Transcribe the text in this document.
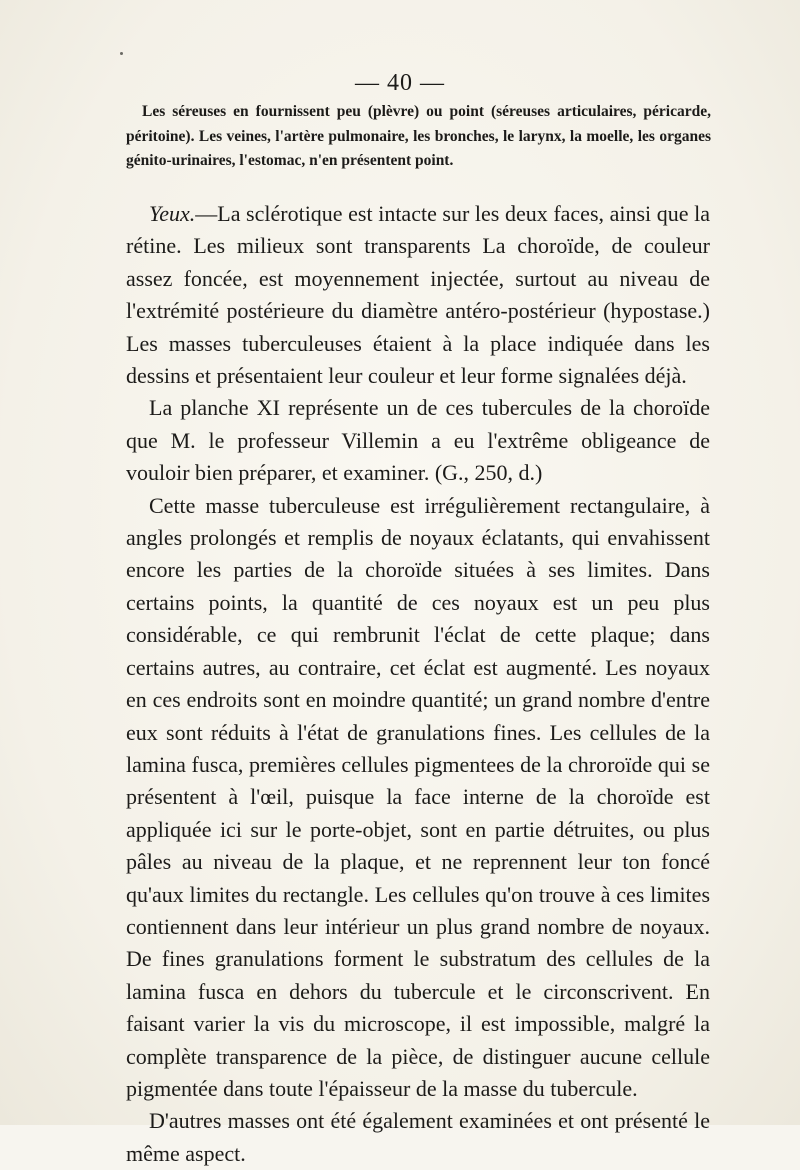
— 40 —

Les séreuses en fournissent peu (plèvre) ou point (séreuses articulaires, péricarde, péritoine). Les veines, l'artère pulmonaire, les bronches, le larynx, la moelle, les organes génito-urinaires, l'estomac, n'en présentent point.

Yeux.—La sclérotique est intacte sur les deux faces, ainsi que la rétine. Les milieux sont transparents La choroïde, de couleur assez foncée, est moyennement injectée, surtout au niveau de l'extrémité postérieure du diamètre antéro-postérieur (hypostase.) Les masses tuberculeuses étaient à la place indiquée dans les dessins et présentaient leur couleur et leur forme signalées déjà.

La planche XI représente un de ces tubercules de la choroïde que M. le professeur Villemin a eu l'extrême obligeance de vouloir bien préparer, et examiner. (G., 250, d.)

Cette masse tuberculeuse est irrégulièrement rectangulaire, à angles prolongés et remplis de noyaux éclatants, qui envahissent encore les parties de la choroïde situées à ses limites. Dans certains points, la quantité de ces noyaux est un peu plus considérable, ce qui rembrunit l'éclat de cette plaque; dans certains autres, au contraire, cet éclat est augmenté. Les noyaux en ces endroits sont en moindre quantité; un grand nombre d'entre eux sont réduits à l'état de granulations fines. Les cellules de la lamina fusca, premières cellules pigmentees de la chroroïde qui se présentent à l'œil, puisque la face interne de la choroïde est appliquée ici sur le porte-objet, sont en partie détruites, ou plus pâles au niveau de la plaque, et ne reprennent leur ton foncé qu'aux limites du rectangle. Les cellules qu'on trouve à ces limites contiennent dans leur intérieur un plus grand nombre de noyaux. De fines granulations forment le substratum des cellules de la lamina fusca en dehors du tubercule et le circonscrivent. En faisant varier la vis du microscope, il est impossible, malgré la complète transparence de la pièce, de distinguer aucune cellule pigmentée dans toute l'épaisseur de la masse du tubercule.

D'autres masses ont été également examinées et ont présenté le même aspect.
